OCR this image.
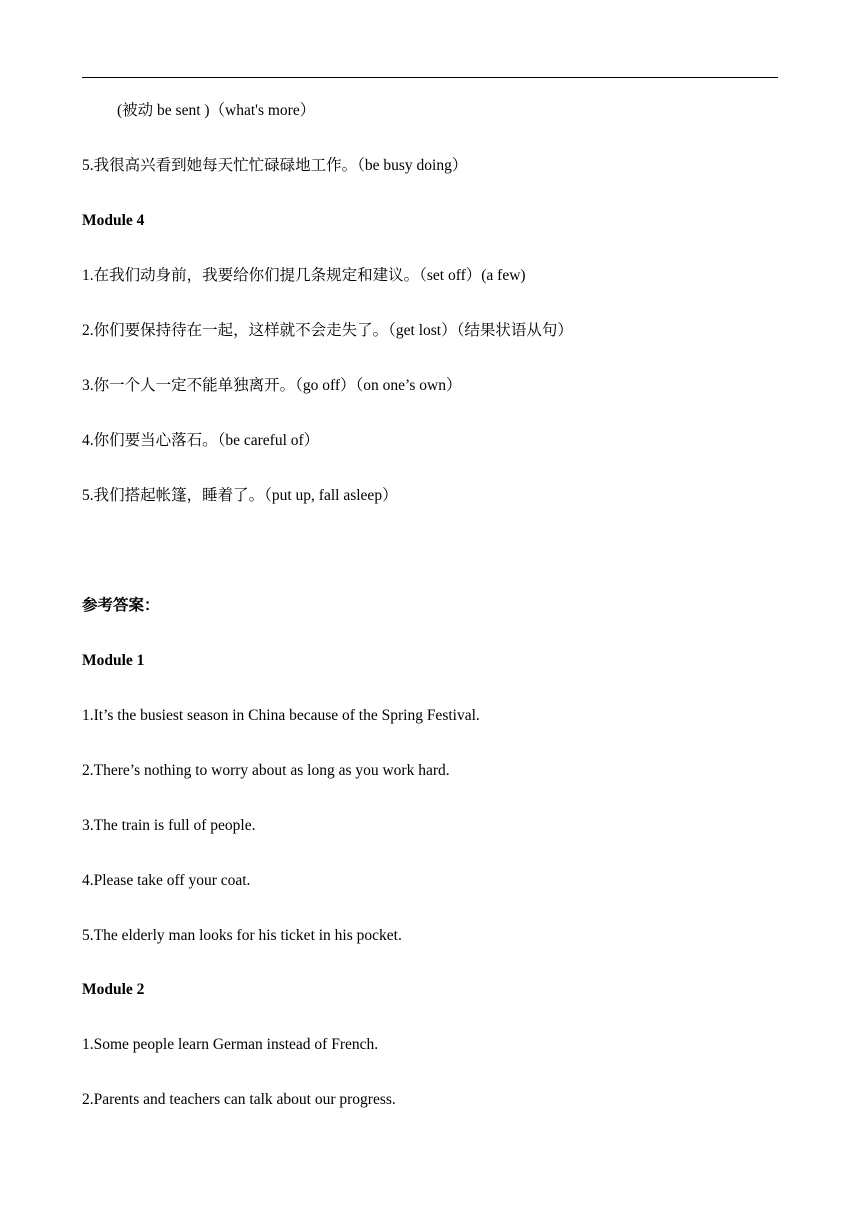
(被动 be sent )（what's more）
5.我很高兴看到她每天忙忙碌碌地工作。（be busy doing）
Module 4
1.在我们动身前，我要给你们提几条规定和建议。（set off）(a few)
2.你们要保持待在一起，这样就不会走失了。（get lost）（结果状语从句）
3.你一个人一定不能单独离开。（go off）（on one’s own）
4.你们要当心落石。（be careful of）
5.我们搭起帐篷，睡着了。（put up, fall asleep）
参考答案：
Module 1
1.It’s the busiest season in China because of the Spring Festival.
2.There’s nothing to worry about as long as you work hard.
3.The train is full of people.
4.Please take off your coat.
5.The elderly man looks for his ticket in his pocket.
Module 2
1.Some people learn German instead of French.
2.Parents and teachers can talk about our progress.
